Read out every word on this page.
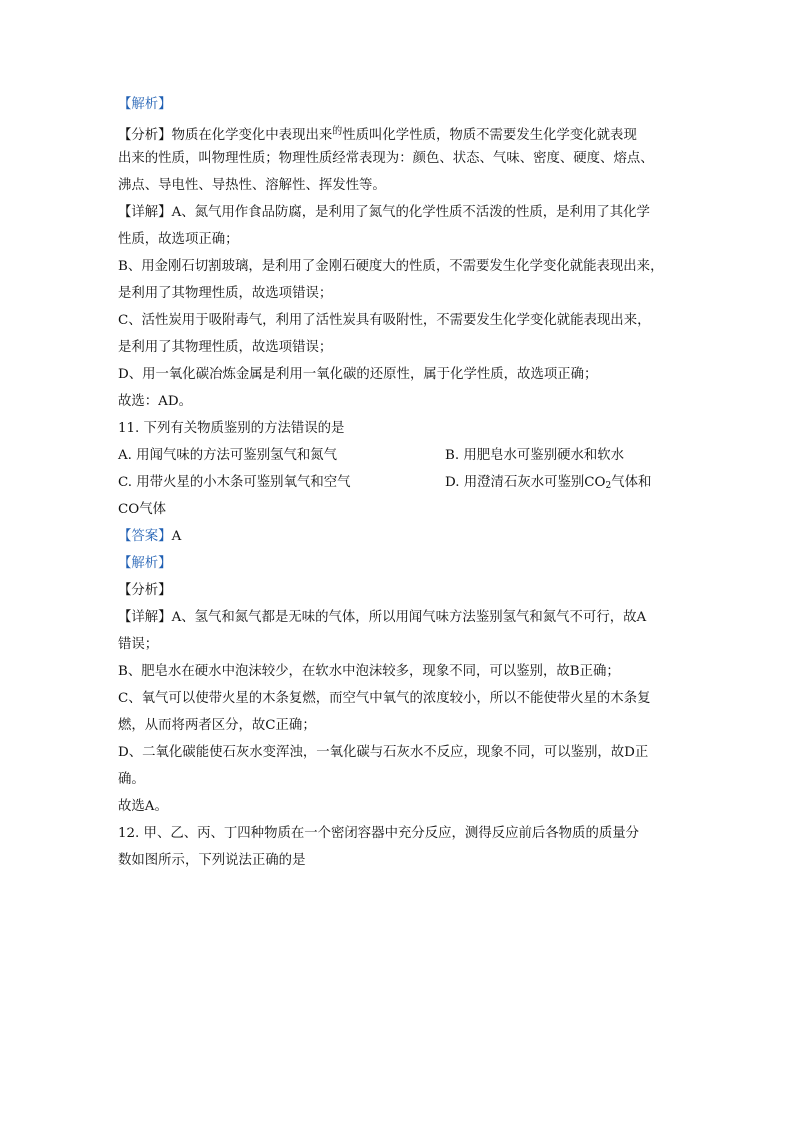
【解析】
【分析】物质在化学变化中表现出来$^的$性质叫化学性质，物质不需要发生化学变化就表现
出来的性质，叫物理性质；物理性质经常表现为：颜色、状态、气味、密度、硬度、熔点、
沸点、导电性、导热性、溶解性、挥发性等。
【详解】A、氮气用作食品防腐，是利用了氮气的化学性质不活泼的性质，是利用了其化学
性质，故选项正确；
B、用金刚石切割玻璃，是利用了金刚石硬度大的性质，不需要发生化学变化就能表现出来，
是利用了其物理性质，故选项错误；
C、活性炭用于吸附毒气，利用了活性炭具有吸附性，不需要发生化学变化就能表现出来，
是利用了其物理性质，故选项错误；
D、用一氧化碳冶炼金属是利用一氧化碳的还原性，属于化学性质，故选项正确；
故选：AD。
11. 下列有关物质鉴别的方法错误的是
A. 用闻气味的方法可鉴别氢气和氮气	B. 用肥皂水可鉴别硬水和软水
C. 用带火星的小木条可鉴别氧气和空气	D. 用澄清石灰水可鉴别$CO_2$气体和
CO气体
【答案】A
【解析】
【分析】
【详解】A、氢气和氮气都是无味的气体，所以用闻气味方法鉴别氢气和氮气不可行，故A
错误；
B、肥皂水在硬水中泡沫较少，在软水中泡沫较多，现象不同，可以鉴别，故B正确；
C、氧气可以使带火星的木条复燃，而空气中氧气的浓度较小，所以不能使带火星的木条复
燃，从而将两者区分，故C正确；
D、二氧化碳能使石灰水变浑浊，一氧化碳与石灰水不反应，现象不同，可以鉴别，故D正
确。
故选A。
12. 甲、乙、丙、丁四种物质在一个密闭容器中充分反应，测得反应前后各物质的质量分
数如图所示，下列说法正确的是
